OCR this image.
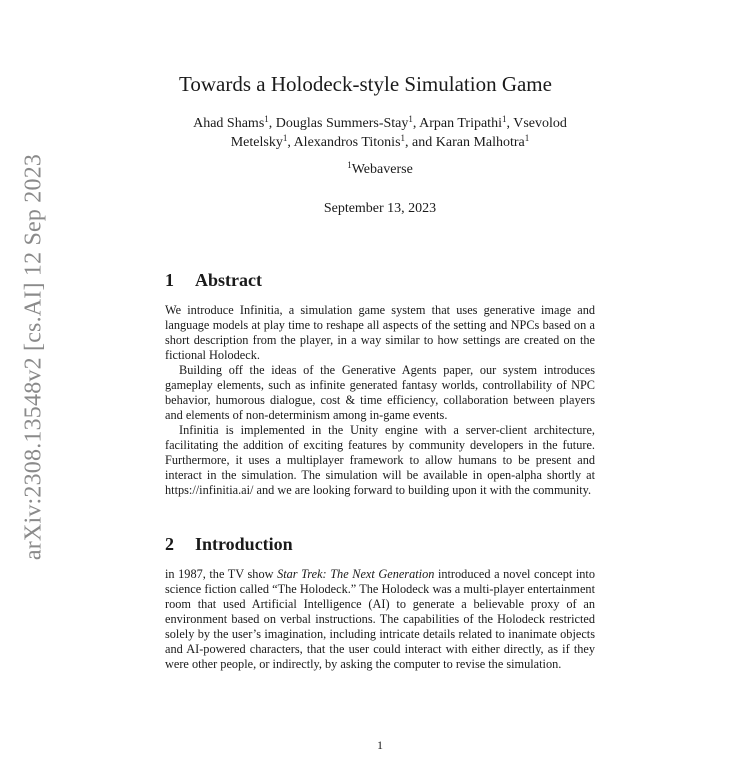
arXiv:2308.13548v2 [cs.AI] 12 Sep 2023
Towards a Holodeck-style Simulation Game
Ahad Shams$^1$, Douglas Summers-Stay$^1$, Arpan Tripathi$^1$, Vsevolod
Metelsky$^1$, Alexandros Titonis$^1$, and Karan Malhotra$^1$
$^1$Webaverse
September 13, 2023
1 Abstract

We introduce Infinitia, a simulation game system that uses generative image and language models at play time to reshape all aspects of the setting and NPCs based on a short description from the player, in a way similar to how settings are created on the fictional Holodeck.

Building off the ideas of the Generative Agents paper, our system introduces gameplay elements, such as infinite generated fantasy worlds, controllability of NPC behavior, humorous dialogue, cost & time efficiency, collaboration between players and elements of non-determinism among in-game events.

Infinitia is implemented in the Unity engine with a server-client architecture, facilitating the addition of exciting features by community developers in the future. Furthermore, it uses a multiplayer framework to allow humans to be present and interact in the simulation. The simulation will be available in open-alpha shortly at https://infinitia.ai/ and we are looking forward to building upon it with the community.

2 Introduction

in 1987, the TV show Star Trek: The Next Generation introduced a novel concept into science fiction called “The Holodeck.” The Holodeck was a multi-player entertainment room that used Artificial Intelligence (AI) to generate a believable proxy of an environment based on verbal instructions. The capabilities of the Holodeck restricted solely by the user’s imagination, including intricate details related to inanimate objects and AI-powered characters, that the user could interact with either directly, as if they were other people, or indirectly, by asking the computer to revise the simulation.

1
